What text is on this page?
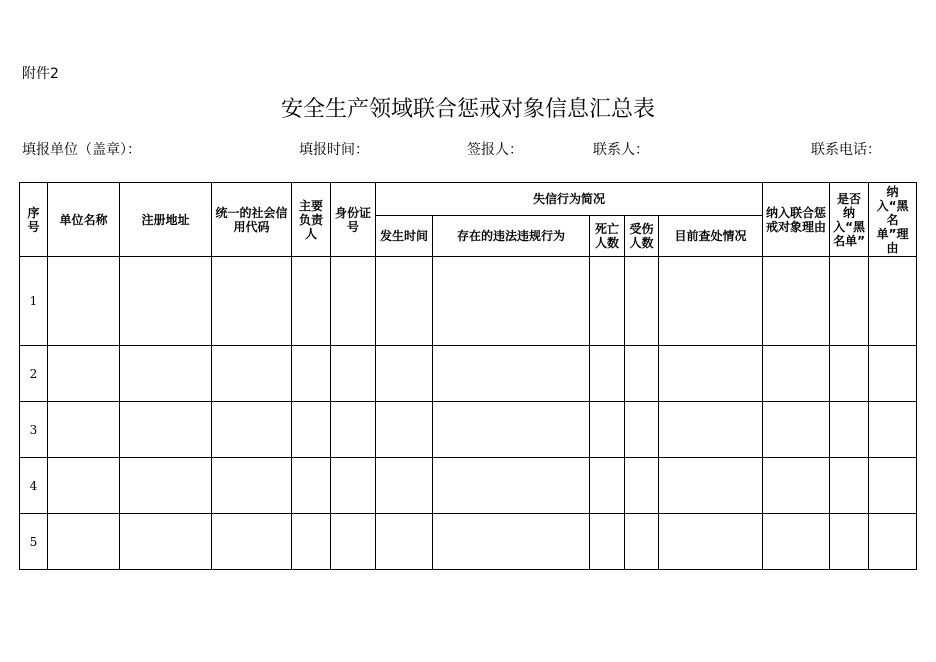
附件2
安全生产领域联合惩戒对象信息汇总表
填报单位（盖章）：	填报时间：	签报人：	联系人：	联系电话：
序号	单位名称	注册地址	统一的社会信用代码	主要负责人	身份证号	失信行为简况					纳入联合惩戒对象理由	是否纳入“黑名单”	纳入“黑名单”理由

						发生时间	存在的违法违规行为	死亡人数	受伤人数	目前查处情况			

1													
2													
3													
4													
5													
